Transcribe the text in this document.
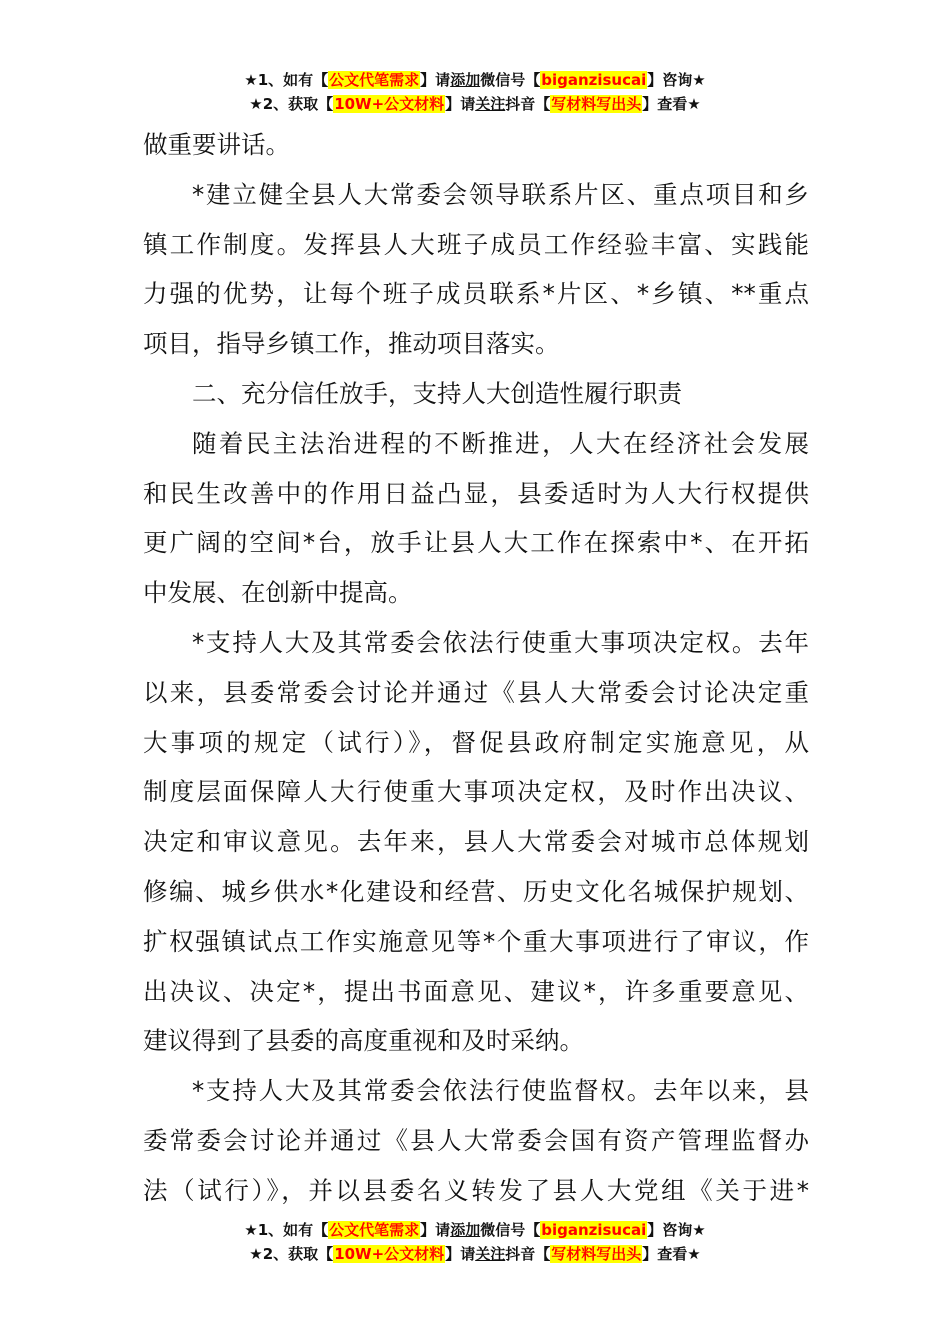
★1、如有【公文代笔需求】请添加微信号【biganzisucai】咨询★
★2、获取【10W+公文材料】请关注抖音【写材料写出头】查看★

做重要讲话。

*建立健全县人大常委会领导联系片区、重点项目和乡
镇工作制度。发挥县人大班子成员工作经验丰富、实践能
力强的优势，让每个班子成员联系*片区、*乡镇、**重点
项目，指导乡镇工作，推动项目落实。

二、充分信任放手，支持人大创造性履行职责

随着民主法治进程的不断推进，人大在经济社会发展
和民生改善中的作用日益凸显，县委适时为人大行权提供
更广阔的空间*台，放手让县人大工作在探索中*、在开拓
中发展、在创新中提高。

*支持人大及其常委会依法行使重大事项决定权。去年
以来，县委常委会讨论并通过《县人大常委会讨论决定重
大事项的规定（试行）》，督促县政府制定实施意见，从
制度层面保障人大行使重大事项决定权，及时作出决议、
决定和审议意见。去年来，县人大常委会对城市总体规划
修编、城乡供水*化建设和经营、历史文化名城保护规划、
扩权强镇试点工作实施意见等*个重大事项进行了审议，作
出决议、决定*，提出书面意见、建议*，许多重要意见、
建议得到了县委的高度重视和及时采纳。

*支持人大及其常委会依法行使监督权。去年以来，县
委常委会讨论并通过《县人大常委会国有资产管理监督办
法（试行）》，并以县委名义转发了县人大党组《关于进*

★1、如有【公文代笔需求】请添加微信号【biganzisucai】咨询★
★2、获取【10W+公文材料】请关注抖音【写材料写出头】查看★
